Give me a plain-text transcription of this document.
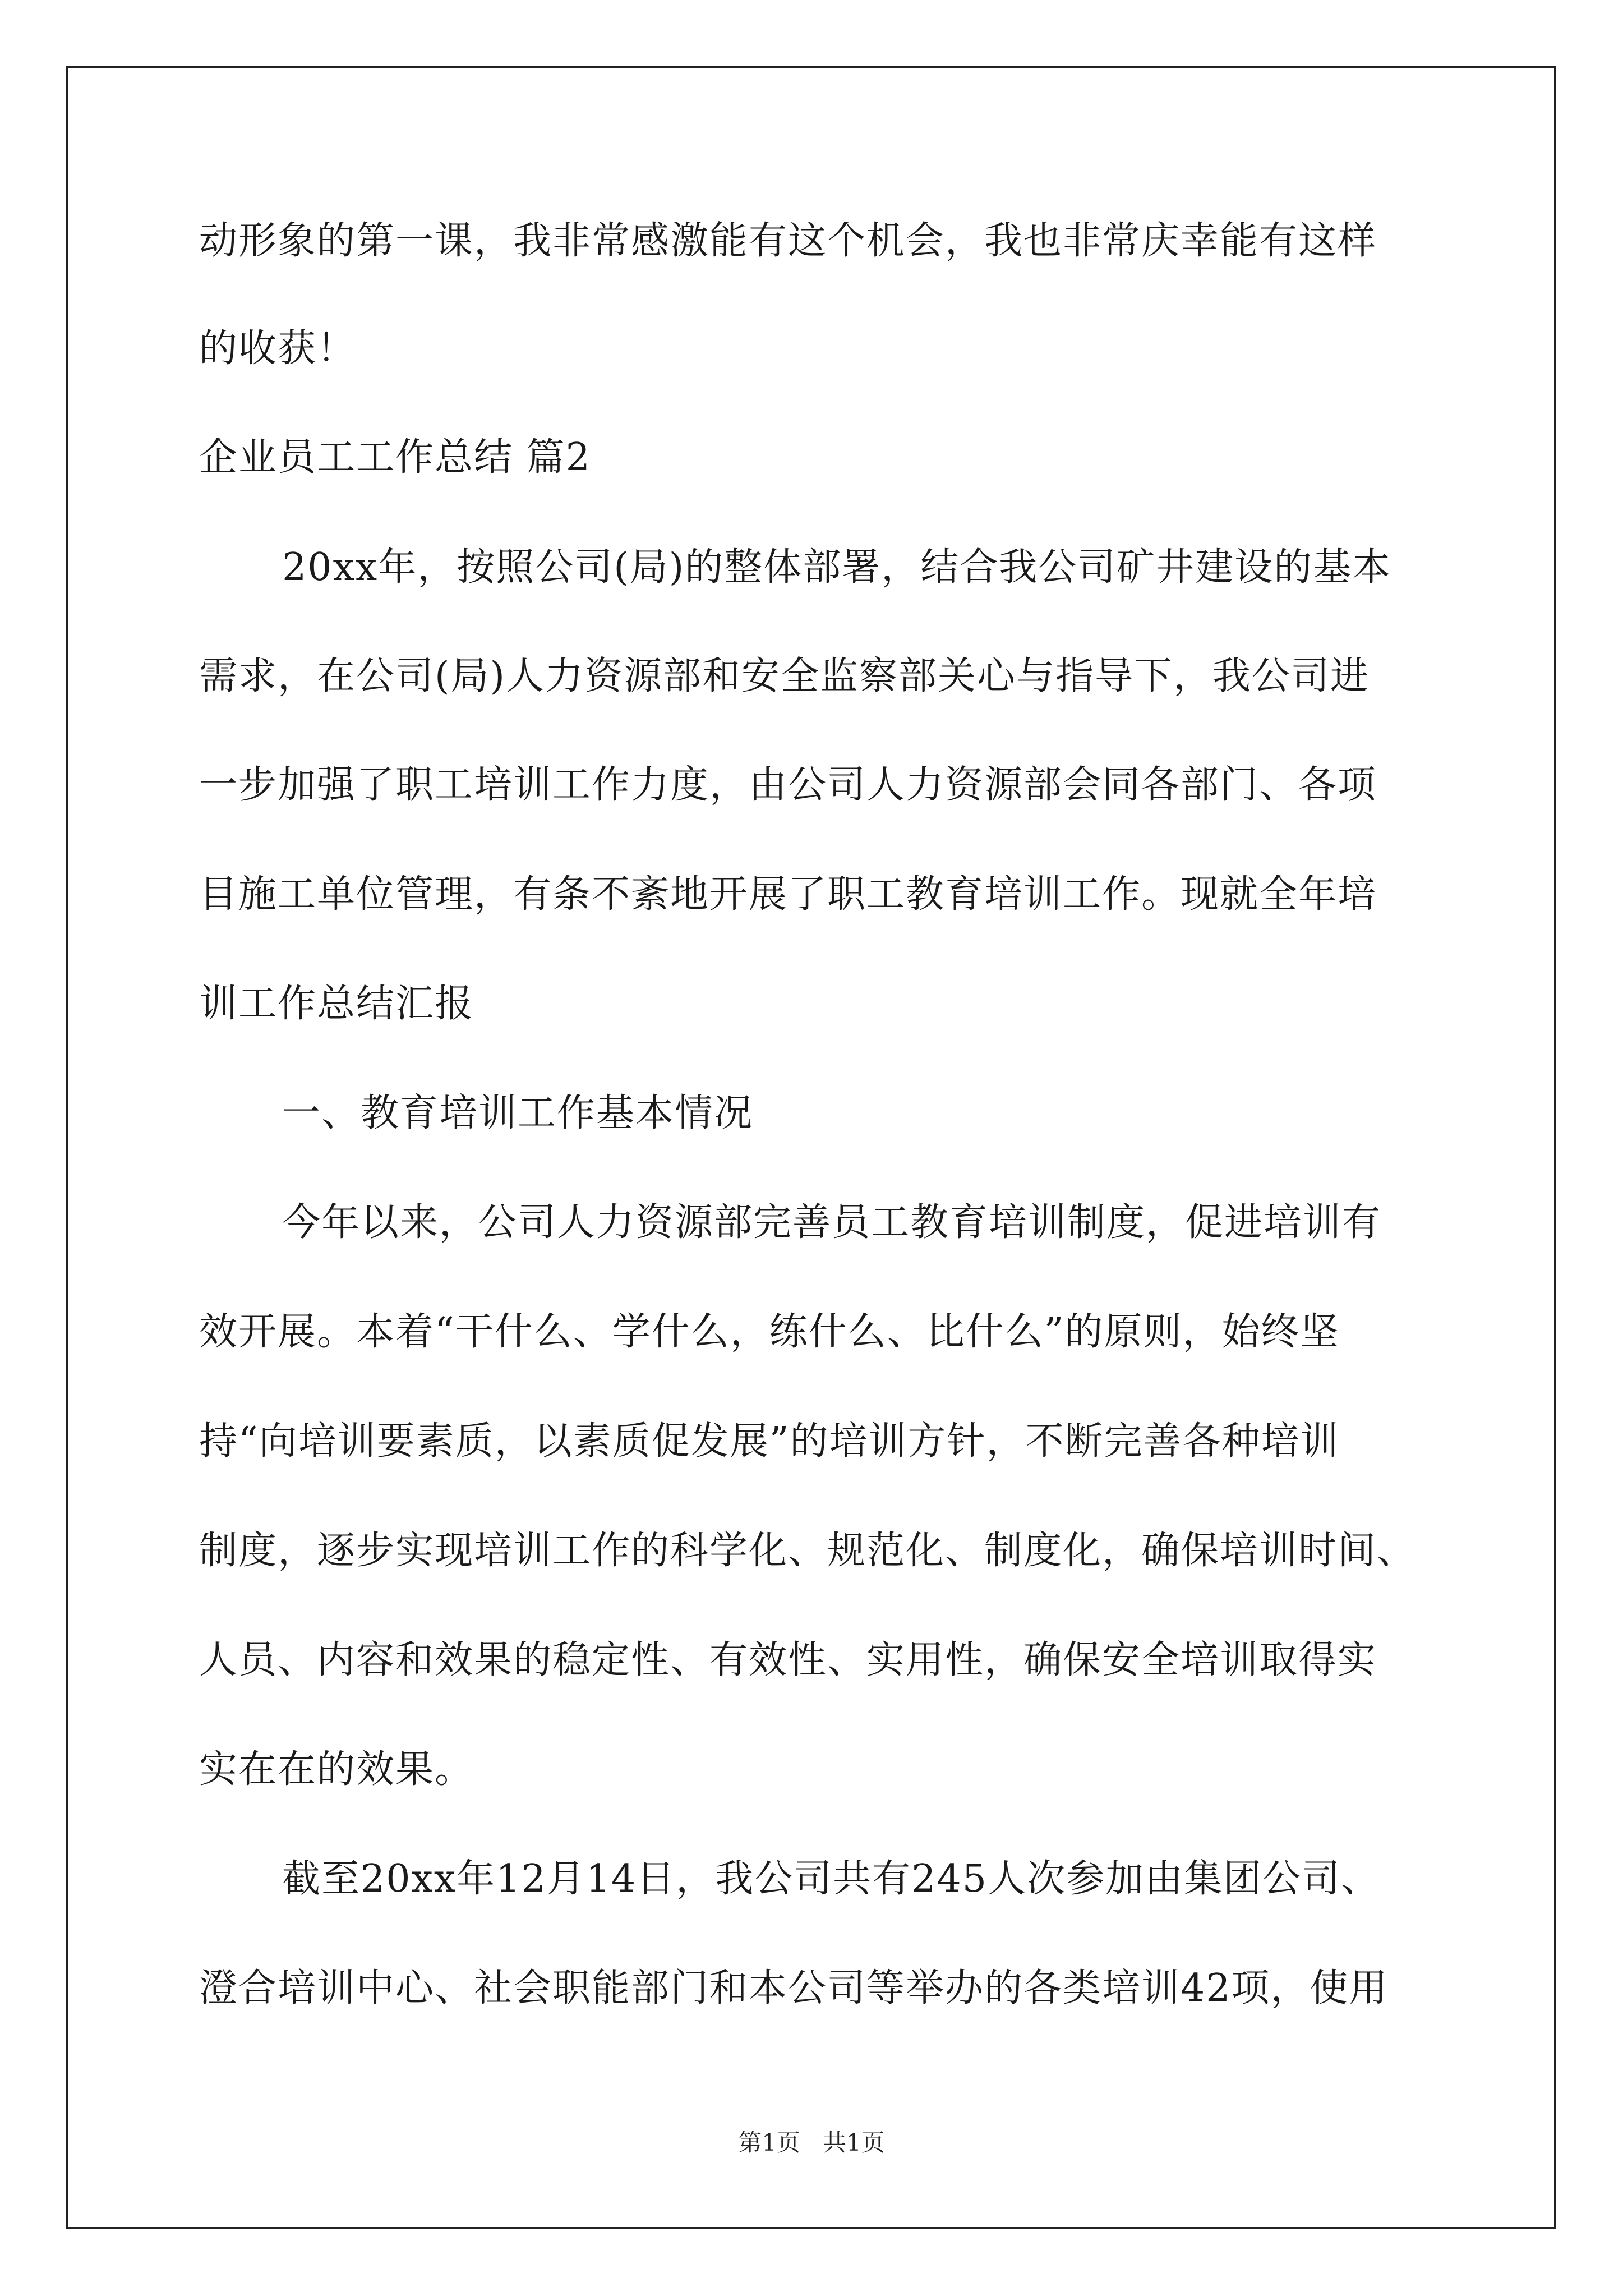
动形象的第一课，我非常感激能有这个机会，我也非常庆幸能有这样
的收获！
企业员工工作总结 篇2
20xx年，按照公司(局)的整体部署，结合我公司矿井建设的基本
需求，在公司(局)人力资源部和安全监察部关心与指导下，我公司进
一步加强了职工培训工作力度，由公司人力资源部会同各部门、各项
目施工单位管理，有条不紊地开展了职工教育培训工作。现就全年培
训工作总结汇报
一、教育培训工作基本情况
今年以来，公司人力资源部完善员工教育培训制度，促进培训有
效开展。本着“干什么、学什么，练什么、比什么”的原则，始终坚
持“向培训要素质，以素质促发展”的培训方针，不断完善各种培训
制度，逐步实现培训工作的科学化、规范化、制度化，确保培训时间、
人员、内容和效果的稳定性、有效性、实用性，确保安全培训取得实
实在在的效果。
截至20xx年12月14日，我公司共有245人次参加由集团公司、
澄合培训中心、社会职能部门和本公司等举办的各类培训42项，使用
第1页 共1页
